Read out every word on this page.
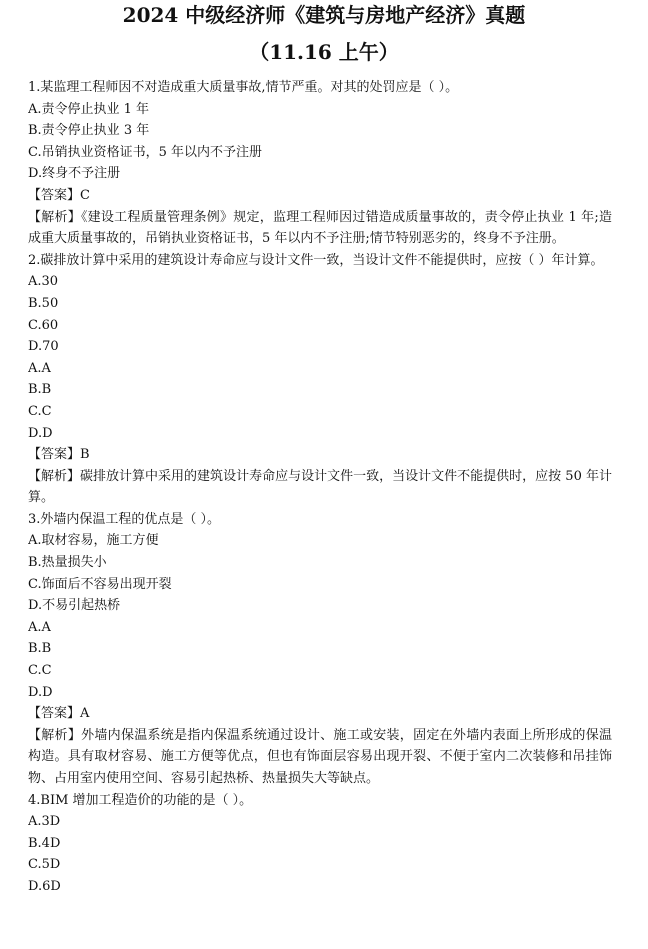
2024 中级经济师《建筑与房地产经济》真题
（11.16 上午）
1.某监理工程师因不对造成重大质量事故,情节严重。对其的处罚应是（ ）。
A.责令停止执业 1 年
B.责令停止执业 3 年
C.吊销执业资格证书，5 年以内不予注册
D.终身不予注册
【答案】C
【解析】《建设工程质量管理条例》规定，监理工程师因过错造成质量事故的，责令停止执业 1 年;造成重大质量事故的，吊销执业资格证书，5 年以内不予注册;情节特别恶劣的，终身不予注册。
2.碳排放计算中采用的建筑设计寿命应与设计文件一致，当设计文件不能提供时，应按（ ）年计算。
A.30
B.50
C.60
D.70
A.A
B.B
C.C
D.D
【答案】B
【解析】碳排放计算中采用的建筑设计寿命应与设计文件一致，当设计文件不能提供时，应按 50 年计算。
3.外墙内保温工程的优点是（ ）。
A.取材容易，施工方便
B.热量损失小
C.饰面后不容易出现开裂
D.不易引起热桥
A.A
B.B
C.C
D.D
【答案】A
【解析】外墙内保温系统是指内保温系统通过设计、施工或安装，固定在外墙内表面上所形成的保温构造。具有取材容易、施工方便等优点，但也有饰面层容易出现开裂、不便于室内二次装修和吊挂饰物、占用室内使用空间、容易引起热桥、热量损失大等缺点。
4.BIM 增加工程造价的功能的是（ ）。
A.3D
B.4D
C.5D
D.6D
